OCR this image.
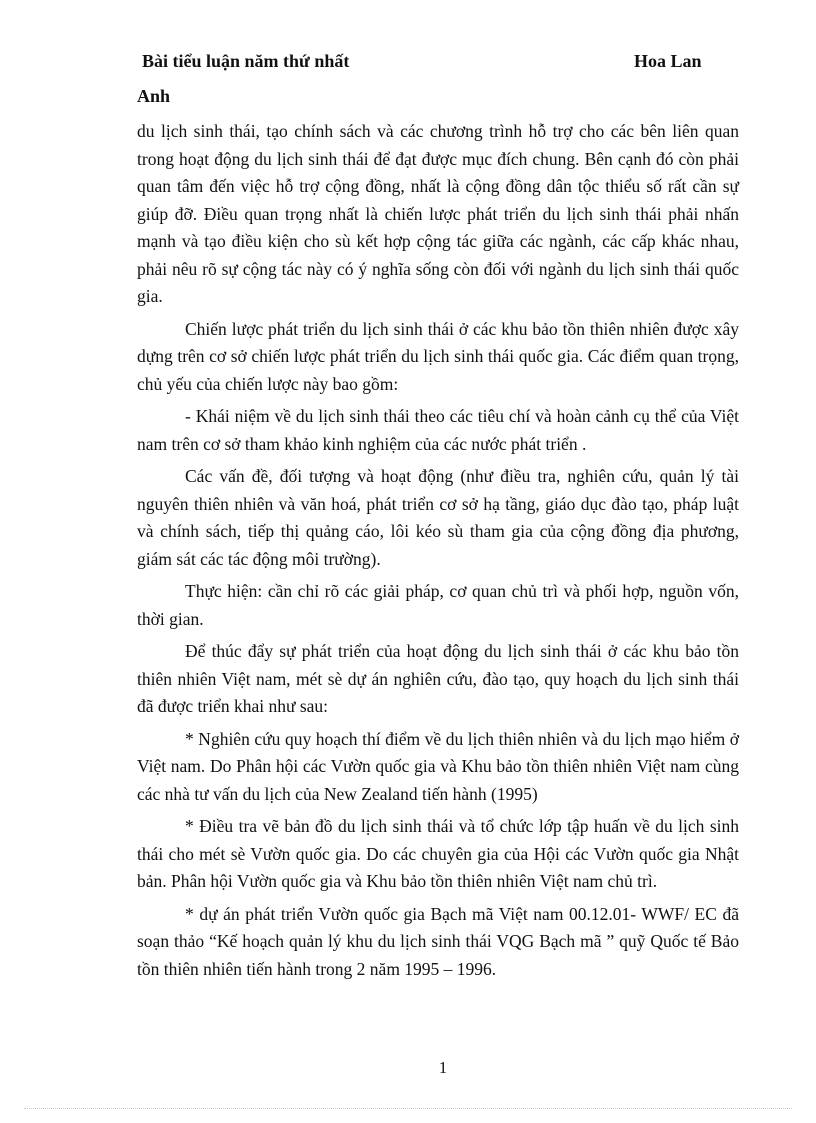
Bài tiểu luận năm thứ nhất	Hoa Lan
Anh

du lịch sinh thái, tạo chính sách và các chương trình hỗ trợ cho các bên liên quan trong hoạt động du lịch sinh thái để đạt được mục đích chung. Bên cạnh đó còn phải quan tâm đến việc hỗ trợ cộng đồng, nhất là cộng đồng dân tộc thiểu số rất cần sự giúp đỡ. Điều quan trọng nhất là chiến lược phát triển du lịch sinh thái phải nhấn mạnh và tạo điều kiện cho sù kết hợp cộng tác giữa các ngành, các cấp khác nhau, phải nêu rõ sự cộng tác này có ý nghĩa sống còn đối với ngành du lịch sinh thái quốc gia.

Chiến lược phát triển du lịch sinh thái ở các khu bảo tồn thiên nhiên được xây dựng trên cơ sở chiến lược phát triển du lịch sinh thái quốc gia. Các điểm quan trọng, chủ yếu của chiến lược này bao gồm:

- Khái niệm về du lịch sinh thái theo các tiêu chí và hoàn cảnh cụ thể của Việt nam trên cơ sở tham khảo kinh nghiệm của các nước phát triển .

Các vấn đề, đối tượng và hoạt động (như điều tra, nghiên cứu, quản lý tài nguyên thiên nhiên và văn hoá, phát triển cơ sở hạ tầng, giáo dục đào tạo, pháp luật và chính sách, tiếp thị quảng cáo, lôi kéo sù tham gia của cộng đồng địa phương, giám sát các tác động môi trường).

Thực hiện: cần chỉ rõ các giải pháp, cơ quan chủ trì và phối hợp, nguồn vốn, thời gian.

Để thúc đẩy sự phát triển của hoạt động du lịch sinh thái ở các khu bảo tồn thiên nhiên Việt nam, mét sè dự án nghiên cứu, đào tạo, quy hoạch du lịch sinh thái đã được triển khai như sau:

* Nghiên cứu quy hoạch thí điểm về du lịch thiên nhiên và du lịch mạo hiểm ở Việt nam. Do Phân hội các Vườn quốc gia và Khu bảo tồn thiên nhiên Việt nam cùng các nhà tư vấn du lịch của New Zealand tiến hành (1995)

* Điều tra vẽ bản đồ du lịch sinh thái và tổ chức lớp tập huấn về du lịch sinh thái cho mét sè Vườn quốc gia. Do các chuyên gia của Hội các Vườn quốc gia Nhật bản. Phân hội Vườn quốc gia và Khu bảo tồn thiên nhiên Việt nam chủ trì.

* dự án phát triển Vườn quốc gia Bạch mã Việt nam 00.12.01- WWF/ EC đã soạn thảo “Kế hoạch quản lý khu du lịch sinh thái VQG Bạch mã ” quỹ Quốc tế Bảo tồn thiên nhiên tiến hành trong 2 năm 1995 – 1996.

1
